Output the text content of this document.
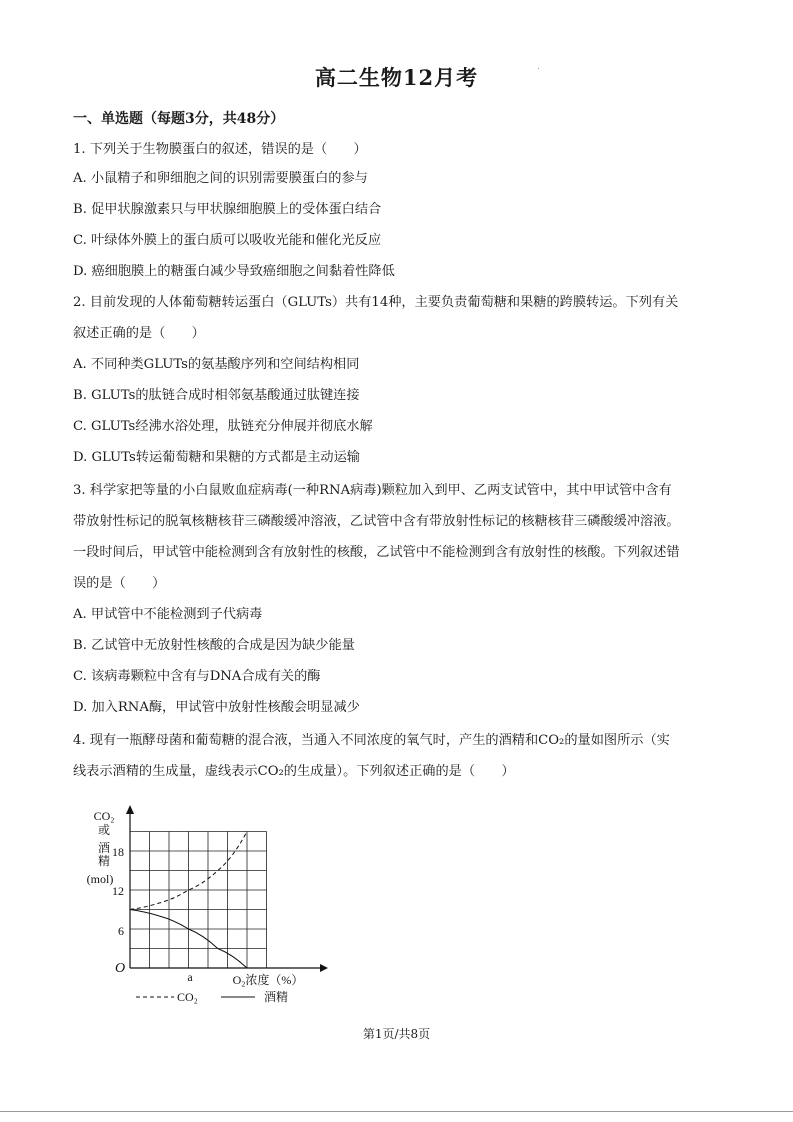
高二生物12月考
一、单选题（每题3分，共48分）
1. 下列关于生物膜蛋白的叙述，错误的是（　　）
A. 小鼠精子和卵细胞之间的识别需要膜蛋白的参与
B. 促甲状腺激素只与甲状腺细胞膜上的受体蛋白结合
C. 叶绿体外膜上的蛋白质可以吸收光能和催化光反应
D. 癌细胞膜上的糖蛋白减少导致癌细胞之间黏着性降低
2. 目前发现的人体葡萄糖转运蛋白（GLUTs）共有14种，主要负责葡萄糖和果糖的跨膜转运。下列有关
叙述正确的是（　　）
A. 不同种类GLUTs的氨基酸序列和空间结构相同
B. GLUTs的肽链合成时相邻氨基酸通过肽键连接
C. GLUTs经沸水浴处理，肽链充分伸展并彻底水解
D. GLUTs转运葡萄糖和果糖的方式都是主动运输
3. 科学家把等量的小白鼠败血症病毒(一种RNA病毒)颗粒加入到甲、乙两支试管中，其中甲试管中含有
带放射性标记的脱氧核糖核苷三磷酸缓冲溶液，乙试管中含有带放射性标记的核糖核苷三磷酸缓冲溶液。
一段时间后，甲试管中能检测到含有放射性的核酸，乙试管中不能检测到含有放射性的核酸。下列叙述错
误的是（　　）
A. 甲试管中不能检测到子代病毒
B. 乙试管中无放射性核酸的合成是因为缺少能量
C. 该病毒颗粒中含有与DNA合成有关的酶
D. 加入RNA酶，甲试管中放射性核酸会明显减少
4. 现有一瓶酵母菌和葡萄糖的混合液，当通入不同浓度的氧气时，产生的酒精和CO₂的量如图所示（实
线表示酒精的生成量，虚线表示CO₂的生成量）。下列叙述正确的是（　　）
CO₂
或
酒
精
(mol)
18
12
6
O
a	O₂浓度（%）
CO₂	酒精
第1页/共8页
